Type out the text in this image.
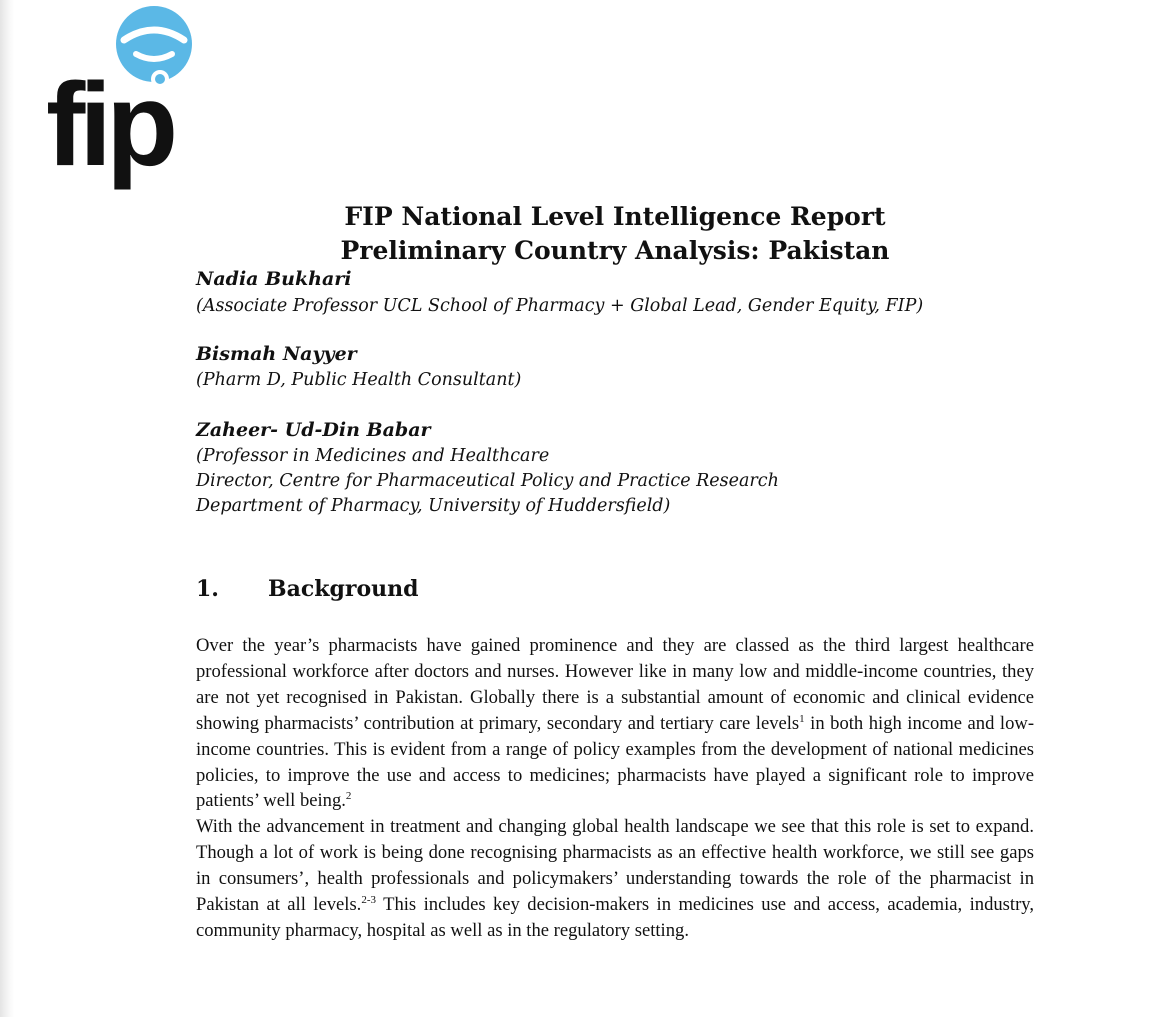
fip
FIP National Level Intelligence Report
Preliminary Country Analysis: Pakistan

Nadia Bukhari

(Associate Professor UCL School of Pharmacy + Global Lead, Gender Equity, FIP)

Bismah Nayyer

(Pharm D, Public Health Consultant)

Zaheer- Ud-Din Babar

(Professor in Medicines and Healthcare

Director, Centre for Pharmaceutical Policy and Practice Research

Department of Pharmacy, University of Huddersfield)

1. Background

Over the year’s pharmacists have gained prominence and they are classed as the third largest healthcare professional workforce after doctors and nurses. However like in many low and middle-income countries, they are not yet recognised in Pakistan. Globally there is a substantial amount of economic and clinical evidence showing pharmacists’ contribution at primary, secondary and tertiary care levels$^1$ in both high income and low-income countries. This is evident from a range of policy examples from the development of national medicines policies, to improve the use and access to medicines; pharmacists have played a significant role to improve patients’ well being.$^2$

With the advancement in treatment and changing global health landscape we see that this role is set to expand. Though a lot of work is being done recognising pharmacists as an effective health workforce, we still see gaps in consumers’, health professionals and policymakers’ understanding towards the role of the pharmacist in Pakistan at all levels.$^{2-3}$ This includes key decision-makers in medicines use and access, academia, industry, community pharmacy, hospital as well as in the regulatory setting.
